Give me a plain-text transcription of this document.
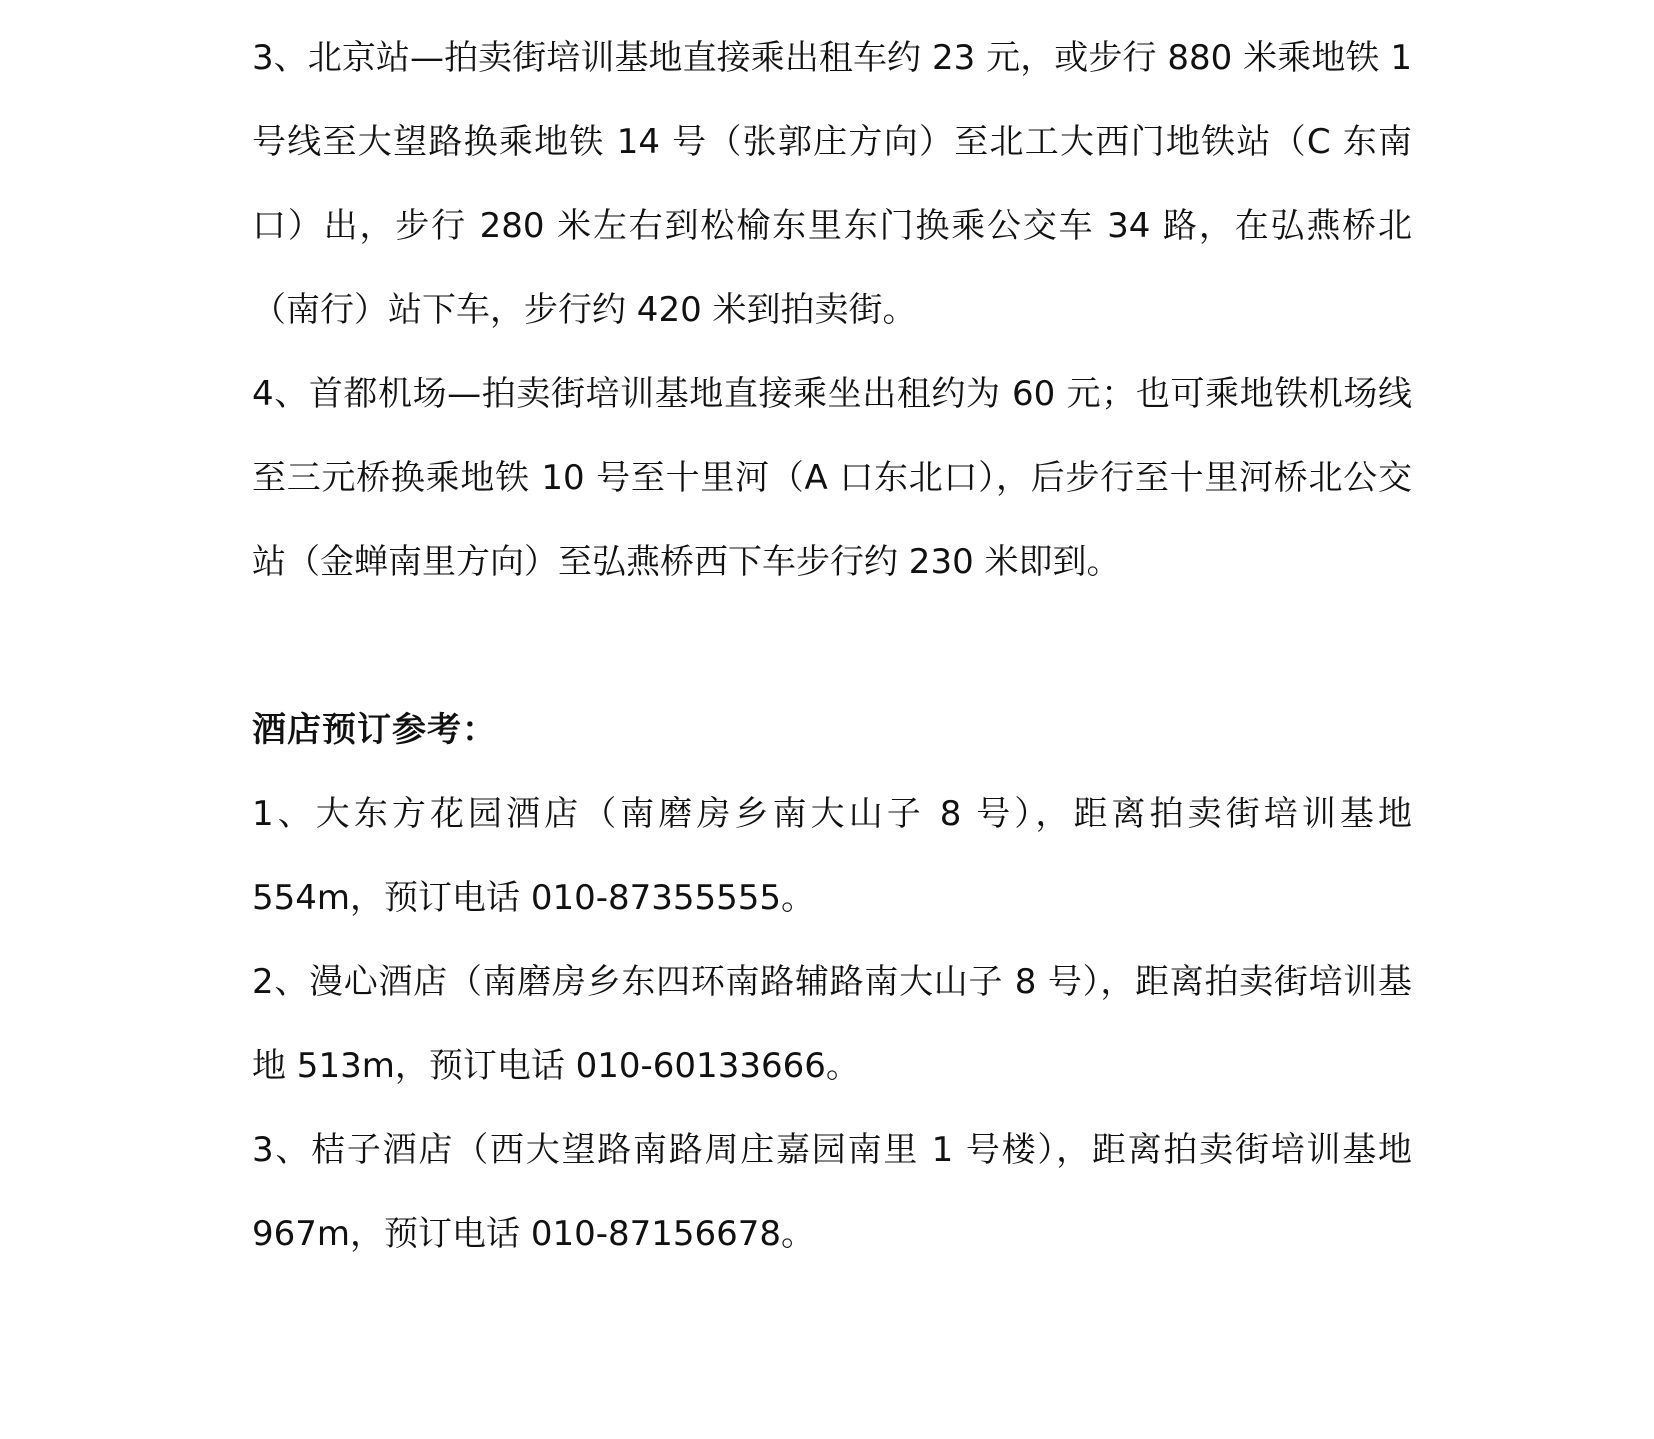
3、北京站—拍卖街培训基地直接乘出租车约 23 元，或步行 880 米乘地铁 1 号线至大望路换乘地铁 14 号（张郭庄方向）至北工大西门地铁站（C 东南口）出，步行 280 米左右到松榆东里东门换乘公交车 34 路，在弘燕桥北（南行）站下车，步行约 420 米到拍卖街。

4、首都机场—拍卖街培训基地直接乘坐出租约为 60 元；也可乘地铁机场线至三元桥换乘地铁 10 号至十里河（A 口东北口），后步行至十里河桥北公交站（金蝉南里方向）至弘燕桥西下车步行约 230 米即到。

酒店预订参考：

1、大东方花园酒店（南磨房乡南大山子 8 号），距离拍卖街培训基地 554m，预订电话 010-87355555。

2、漫心酒店（南磨房乡东四环南路辅路南大山子 8 号），距离拍卖街培训基地 513m，预订电话 010-60133666。

3、桔子酒店（西大望路南路周庄嘉园南里 1 号楼），距离拍卖街培训基地 967m，预订电话 010-87156678。
